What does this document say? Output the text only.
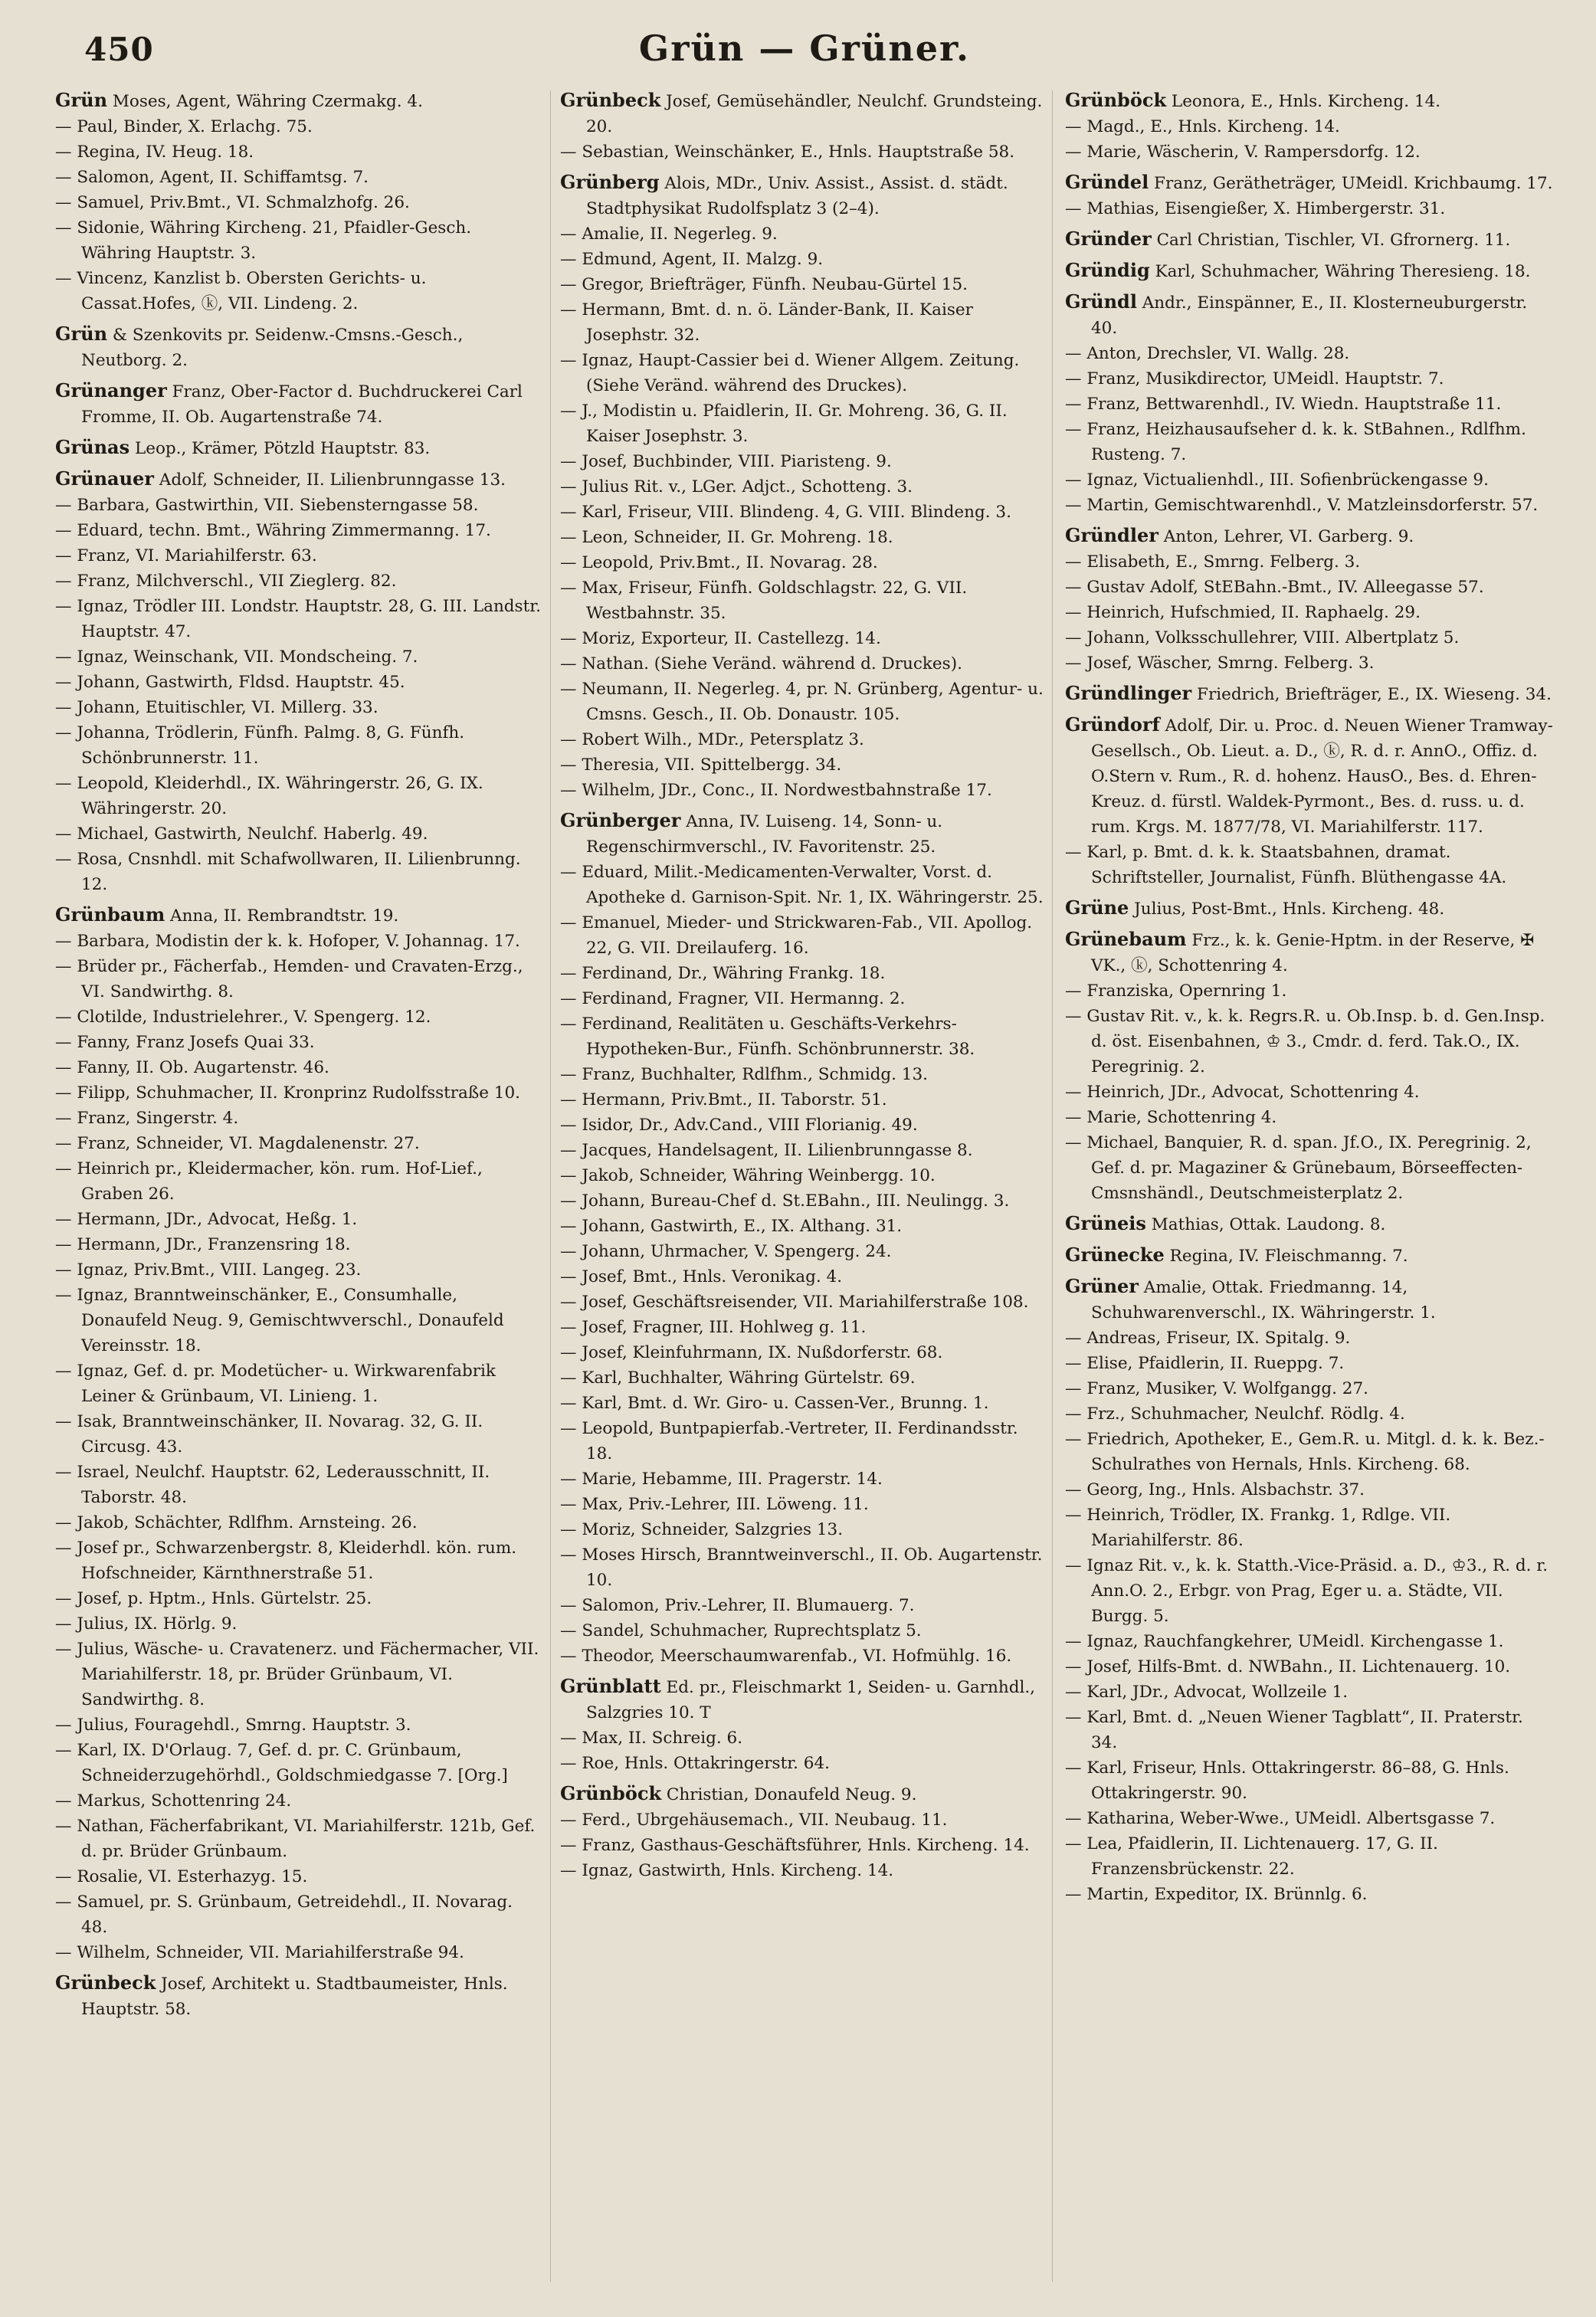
450	Grün — Grüner.

Grün Moses, Agent, Währing Czermakg. 4.

— Paul, Binder, X. Erlachg. 75.

— Regina, IV. Heug. 18.

— Salomon, Agent, II. Schiffamtsg. 7.

— Samuel, Priv.Bmt., VI. Schmalzhofg. 26.

— Sidonie, Währing Kircheng. 21, Pfaidler-Gesch. Währing Hauptstr. 3.

— Vincenz, Kanzlist b. Obersten Gerichts- u. Cassat.Hofes, ⓚ, VII. Lindeng. 2.

Grün & Szenkovits pr. Seidenw.-Cmsns.-Gesch., Neutborg. 2.

Grünanger Franz, Ober-Factor d. Buchdruckerei Carl Fromme, II. Ob. Augartenstraße 74.

Grünas Leop., Krämer, Pötzld Hauptstr. 83.

Grünauer Adolf, Schneider, II. Lilienbrunngasse 13.

— Barbara, Gastwirthin, VII. Siebensterngasse 58.

— Eduard, techn. Bmt., Währing Zimmermanng. 17.

— Franz, VI. Mariahilferstr. 63.

— Franz, Milchverschl., VII Zieglerg. 82.

— Ignaz, Trödler III. Londstr. Hauptstr. 28, G. III. Landstr. Hauptstr. 47.

— Ignaz, Weinschank, VII. Mondscheing. 7.

— Johann, Gastwirth, Fldsd. Hauptstr. 45.

— Johann, Etuitischler, VI. Millerg. 33.

— Johanna, Trödlerin, Fünfh. Palmg. 8, G. Fünfh. Schönbrunnerstr. 11.

— Leopold, Kleiderhdl., IX. Währingerstr. 26, G. IX. Währingerstr. 20.

— Michael, Gastwirth, Neulchf. Haberlg. 49.

— Rosa, Cnsnhdl. mit Schafwollwaren, II. Lilienbrunng. 12.

Grünbaum Anna, II. Rembrandtstr. 19.

— Barbara, Modistin der k. k. Hofoper, V. Johannag. 17.

— Brüder pr., Fächerfab., Hemden- und Cravaten-Erzg., VI. Sandwirthg. 8.

— Clotilde, Industrielehrer., V. Spengerg. 12.

— Fanny, Franz Josefs Quai 33.

— Fanny, II. Ob. Augartenstr. 46.

— Filipp, Schuhmacher, II. Kronprinz Rudolfsstraße 10.

— Franz, Singerstr. 4.

— Franz, Schneider, VI. Magdalenenstr. 27.

— Heinrich pr., Kleidermacher, kön. rum. Hof-Lief., Graben 26.

— Hermann, JDr., Advocat, Heßg. 1.

— Hermann, JDr., Franzensring 18.

— Ignaz, Priv.Bmt., VIII. Langeg. 23.

— Ignaz, Branntweinschänker, E., Consumhalle, Donaufeld Neug. 9, Gemischtwverschl., Donaufeld Vereinsstr. 18.

— Ignaz, Gef. d. pr. Modetücher- u. Wirkwarenfabrik Leiner & Grünbaum, VI. Linieng. 1.

— Isak, Branntweinschänker, II. Novarag. 32, G. II. Circusg. 43.

— Israel, Neulchf. Hauptstr. 62, Lederausschnitt, II. Taborstr. 48.

— Jakob, Schächter, Rdlfhm. Arnsteing. 26.

— Josef pr., Schwarzenbergstr. 8, Kleiderhdl. kön. rum. Hofschneider, Kärnthnerstraße 51.

— Josef, p. Hptm., Hnls. Gürtelstr. 25.

— Julius, IX. Hörlg. 9.

— Julius, Wäsche- u. Cravatenerz. und Fächermacher, VII. Mariahilferstr. 18, pr. Brüder Grünbaum, VI. Sandwirthg. 8.

— Julius, Fouragehdl., Smrng. Hauptstr. 3.

— Karl, IX. D'Orlaug. 7, Gef. d. pr. C. Grünbaum, Schneiderzugehörhdl., Goldschmiedgasse 7. [Org.]

— Markus, Schottenring 24.

— Nathan, Fächerfabrikant, VI. Mariahilferstr. 121b, Gef. d. pr. Brüder Grünbaum.

— Rosalie, VI. Esterhazyg. 15.

— Samuel, pr. S. Grünbaum, Getreidehdl., II. Novarag. 48.

— Wilhelm, Schneider, VII. Mariahilferstraße 94.

Grünbeck Josef, Architekt u. Stadtbaumeister, Hnls. Hauptstr. 58.

Grünbeck Josef, Gemüsehändler, Neulchf. Grundsteing. 20.

— Sebastian, Weinschänker, E., Hnls. Hauptstraße 58.

Grünberg Alois, MDr., Univ. Assist., Assist. d. städt. Stadtphysikat Rudolfsplatz 3 (2–4).

— Amalie, II. Negerleg. 9.

— Edmund, Agent, II. Malzg. 9.

— Gregor, Briefträger, Fünfh. Neubau-Gürtel 15.

— Hermann, Bmt. d. n. ö. Länder-Bank, II. Kaiser Josephstr. 32.

— Ignaz, Haupt-Cassier bei d. Wiener Allgem. Zeitung. (Siehe Veränd. während des Druckes).

— J., Modistin u. Pfaidlerin, II. Gr. Mohreng. 36, G. II. Kaiser Josephstr. 3.

— Josef, Buchbinder, VIII. Piaristeng. 9.

— Julius Rit. v., LGer. Adjct., Schotteng. 3.

— Karl, Friseur, VIII. Blindeng. 4, G. VIII. Blindeng. 3.

— Leon, Schneider, II. Gr. Mohreng. 18.

— Leopold, Priv.Bmt., II. Novarag. 28.

— Max, Friseur, Fünfh. Goldschlagstr. 22, G. VII. Westbahnstr. 35.

— Moriz, Exporteur, II. Castellezg. 14.

— Nathan. (Siehe Veränd. während d. Druckes).

— Neumann, II. Negerleg. 4, pr. N. Grünberg, Agentur- u. Cmsns. Gesch., II. Ob. Donaustr. 105.

— Robert Wilh., MDr., Petersplatz 3.

— Theresia, VII. Spittelbergg. 34.

— Wilhelm, JDr., Conc., II. Nordwestbahnstraße 17.

Grünberger Anna, IV. Luiseng. 14, Sonn- u. Regenschirmverschl., IV. Favoritenstr. 25.

— Eduard, Milit.-Medicamenten-Verwalter, Vorst. d. Apotheke d. Garnison-Spit. Nr. 1, IX. Währingerstr. 25.

— Emanuel, Mieder- und Strickwaren-Fab., VII. Apollog. 22, G. VII. Dreilauferg. 16.

— Ferdinand, Dr., Währing Frankg. 18.

— Ferdinand, Fragner, VII. Hermanng. 2.

— Ferdinand, Realitäten u. Geschäfts-Verkehrs-Hypotheken-Bur., Fünfh. Schönbrunnerstr. 38.

— Franz, Buchhalter, Rdlfhm., Schmidg. 13.

— Hermann, Priv.Bmt., II. Taborstr. 51.

— Isidor, Dr., Adv.Cand., VIII Florianig. 49.

— Jacques, Handelsagent, II. Lilienbrunngasse 8.

— Jakob, Schneider, Währing Weinbergg. 10.

— Johann, Bureau-Chef d. St.EBahn., III. Neulingg. 3.

— Johann, Gastwirth, E., IX. Althang. 31.

— Johann, Uhrmacher, V. Spengerg. 24.

— Josef, Bmt., Hnls. Veronikag. 4.

— Josef, Geschäftsreisender, VII. Mariahilferstraße 108.

— Josef, Fragner, III. Hohlweg g. 11.

— Josef, Kleinfuhrmann, IX. Nußdorferstr. 68.

— Karl, Buchhalter, Währing Gürtelstr. 69.

— Karl, Bmt. d. Wr. Giro- u. Cassen-Ver., Brunng. 1.

— Leopold, Buntpapierfab.-Vertreter, II. Ferdinandsstr. 18.

— Marie, Hebamme, III. Pragerstr. 14.

— Max, Priv.-Lehrer, III. Löweng. 11.

— Moriz, Schneider, Salzgries 13.

— Moses Hirsch, Branntweinverschl., II. Ob. Augartenstr. 10.

— Salomon, Priv.-Lehrer, II. Blumauerg. 7.

— Sandel, Schuhmacher, Ruprechtsplatz 5.

— Theodor, Meerschaumwarenfab., VI. Hofmühlg. 16.

Grünblatt Ed. pr., Fleischmarkt 1, Seiden- u. Garnhdl., Salzgries 10. T

— Max, II. Schreig. 6.

— Roe, Hnls. Ottakringerstr. 64.

Grünböck Christian, Donaufeld Neug. 9.

— Ferd., Ubrgehäusemach., VII. Neubaug. 11.

— Franz, Gasthaus-Geschäftsführer, Hnls. Kircheng. 14.

— Ignaz, Gastwirth, Hnls. Kircheng. 14.

Grünböck Leonora, E., Hnls. Kircheng. 14.

— Magd., E., Hnls. Kircheng. 14.

— Marie, Wäscherin, V. Rampersdorfg. 12.

Gründel Franz, Gerätheträger, UMeidl. Krichbaumg. 17.

— Mathias, Eisengießer, X. Himbergerstr. 31.

Gründer Carl Christian, Tischler, VI. Gfrornerg. 11.

Gründig Karl, Schuhmacher, Währing Theresieng. 18.

Gründl Andr., Einspänner, E., II. Klosterneuburgerstr. 40.

— Anton, Drechsler, VI. Wallg. 28.

— Franz, Musikdirector, UMeidl. Hauptstr. 7.

— Franz, Bettwarenhdl., IV. Wiedn. Hauptstraße 11.

— Franz, Heizhausaufseher d. k. k. StBahnen., Rdlfhm. Rusteng. 7.

— Ignaz, Victualienhdl., III. Sofienbrückengasse 9.

— Martin, Gemischtwarenhdl., V. Matzleinsdorferstr. 57.

Gründler Anton, Lehrer, VI. Garberg. 9.

— Elisabeth, E., Smrng. Felberg. 3.

— Gustav Adolf, StEBahn.-Bmt., IV. Alleegasse 57.

— Heinrich, Hufschmied, II. Raphaelg. 29.

— Johann, Volksschullehrer, VIII. Albertplatz 5.

— Josef, Wäscher, Smrng. Felberg. 3.

Gründlinger Friedrich, Briefträger, E., IX. Wieseng. 34.

Gründorf Adolf, Dir. u. Proc. d. Neuen Wiener Tramway-Gesellsch., Ob. Lieut. a. D., ⓚ, R. d. r. AnnO., Offiz. d. O.Stern v. Rum., R. d. hohenz. HausO., Bes. d. Ehren-Kreuz. d. fürstl. Waldek-Pyrmont., Bes. d. russ. u. d. rum. Krgs. M. 1877/78, VI. Mariahilferstr. 117.

— Karl, p. Bmt. d. k. k. Staatsbahnen, dramat. Schriftsteller, Journalist, Fünfh. Blüthengasse 4A.

Grüne Julius, Post-Bmt., Hnls. Kircheng. 48.

Grünebaum Frz., k. k. Genie-Hptm. in der Reserve, ✠ VK., ⓚ, Schottenring 4.

— Franziska, Opernring 1.

— Gustav Rit. v., k. k. Regrs.R. u. Ob.Insp. b. d. Gen.Insp. d. öst. Eisenbahnen, ♔ 3., Cmdr. d. ferd. Tak.O., IX. Peregrinig. 2.

— Heinrich, JDr., Advocat, Schottenring 4.

— Marie, Schottenring 4.

— Michael, Banquier, R. d. span. Jf.O., IX. Peregrinig. 2, Gef. d. pr. Magaziner & Grünebaum, Börseeffecten-Cmsnshändl., Deutschmeisterplatz 2.

Grüneis Mathias, Ottak. Laudong. 8.

Grünecke Regina, IV. Fleischmanng. 7.

Grüner Amalie, Ottak. Friedmanng. 14, Schuhwarenverschl., IX. Währingerstr. 1.

— Andreas, Friseur, IX. Spitalg. 9.

— Elise, Pfaidlerin, II. Rueppg. 7.

— Franz, Musiker, V. Wolfgangg. 27.

— Frz., Schuhmacher, Neulchf. Rödlg. 4.

— Friedrich, Apotheker, E., Gem.R. u. Mitgl. d. k. k. Bez.-Schulrathes von Hernals, Hnls. Kircheng. 68.

— Georg, Ing., Hnls. Alsbachstr. 37.

— Heinrich, Trödler, IX. Frankg. 1, Rdlge. VII. Mariahilferstr. 86.

— Ignaz Rit. v., k. k. Statth.-Vice-Präsid. a. D., ♔3., R. d. r. Ann.O. 2., Erbgr. von Prag, Eger u. a. Städte, VII. Burgg. 5.

— Ignaz, Rauchfangkehrer, UMeidl. Kirchengasse 1.

— Josef, Hilfs-Bmt. d. NWBahn., II. Lichtenauerg. 10.

— Karl, JDr., Advocat, Wollzeile 1.

— Karl, Bmt. d. „Neuen Wiener Tagblatt“, II. Praterstr. 34.

— Karl, Friseur, Hnls. Ottakringerstr. 86–88, G. Hnls. Ottakringerstr. 90.

— Katharina, Weber-Wwe., UMeidl. Albertsgasse 7.

— Lea, Pfaidlerin, II. Lichtenauerg. 17, G. II. Franzensbrückenstr. 22.

— Martin, Expeditor, IX. Brünnlg. 6.
